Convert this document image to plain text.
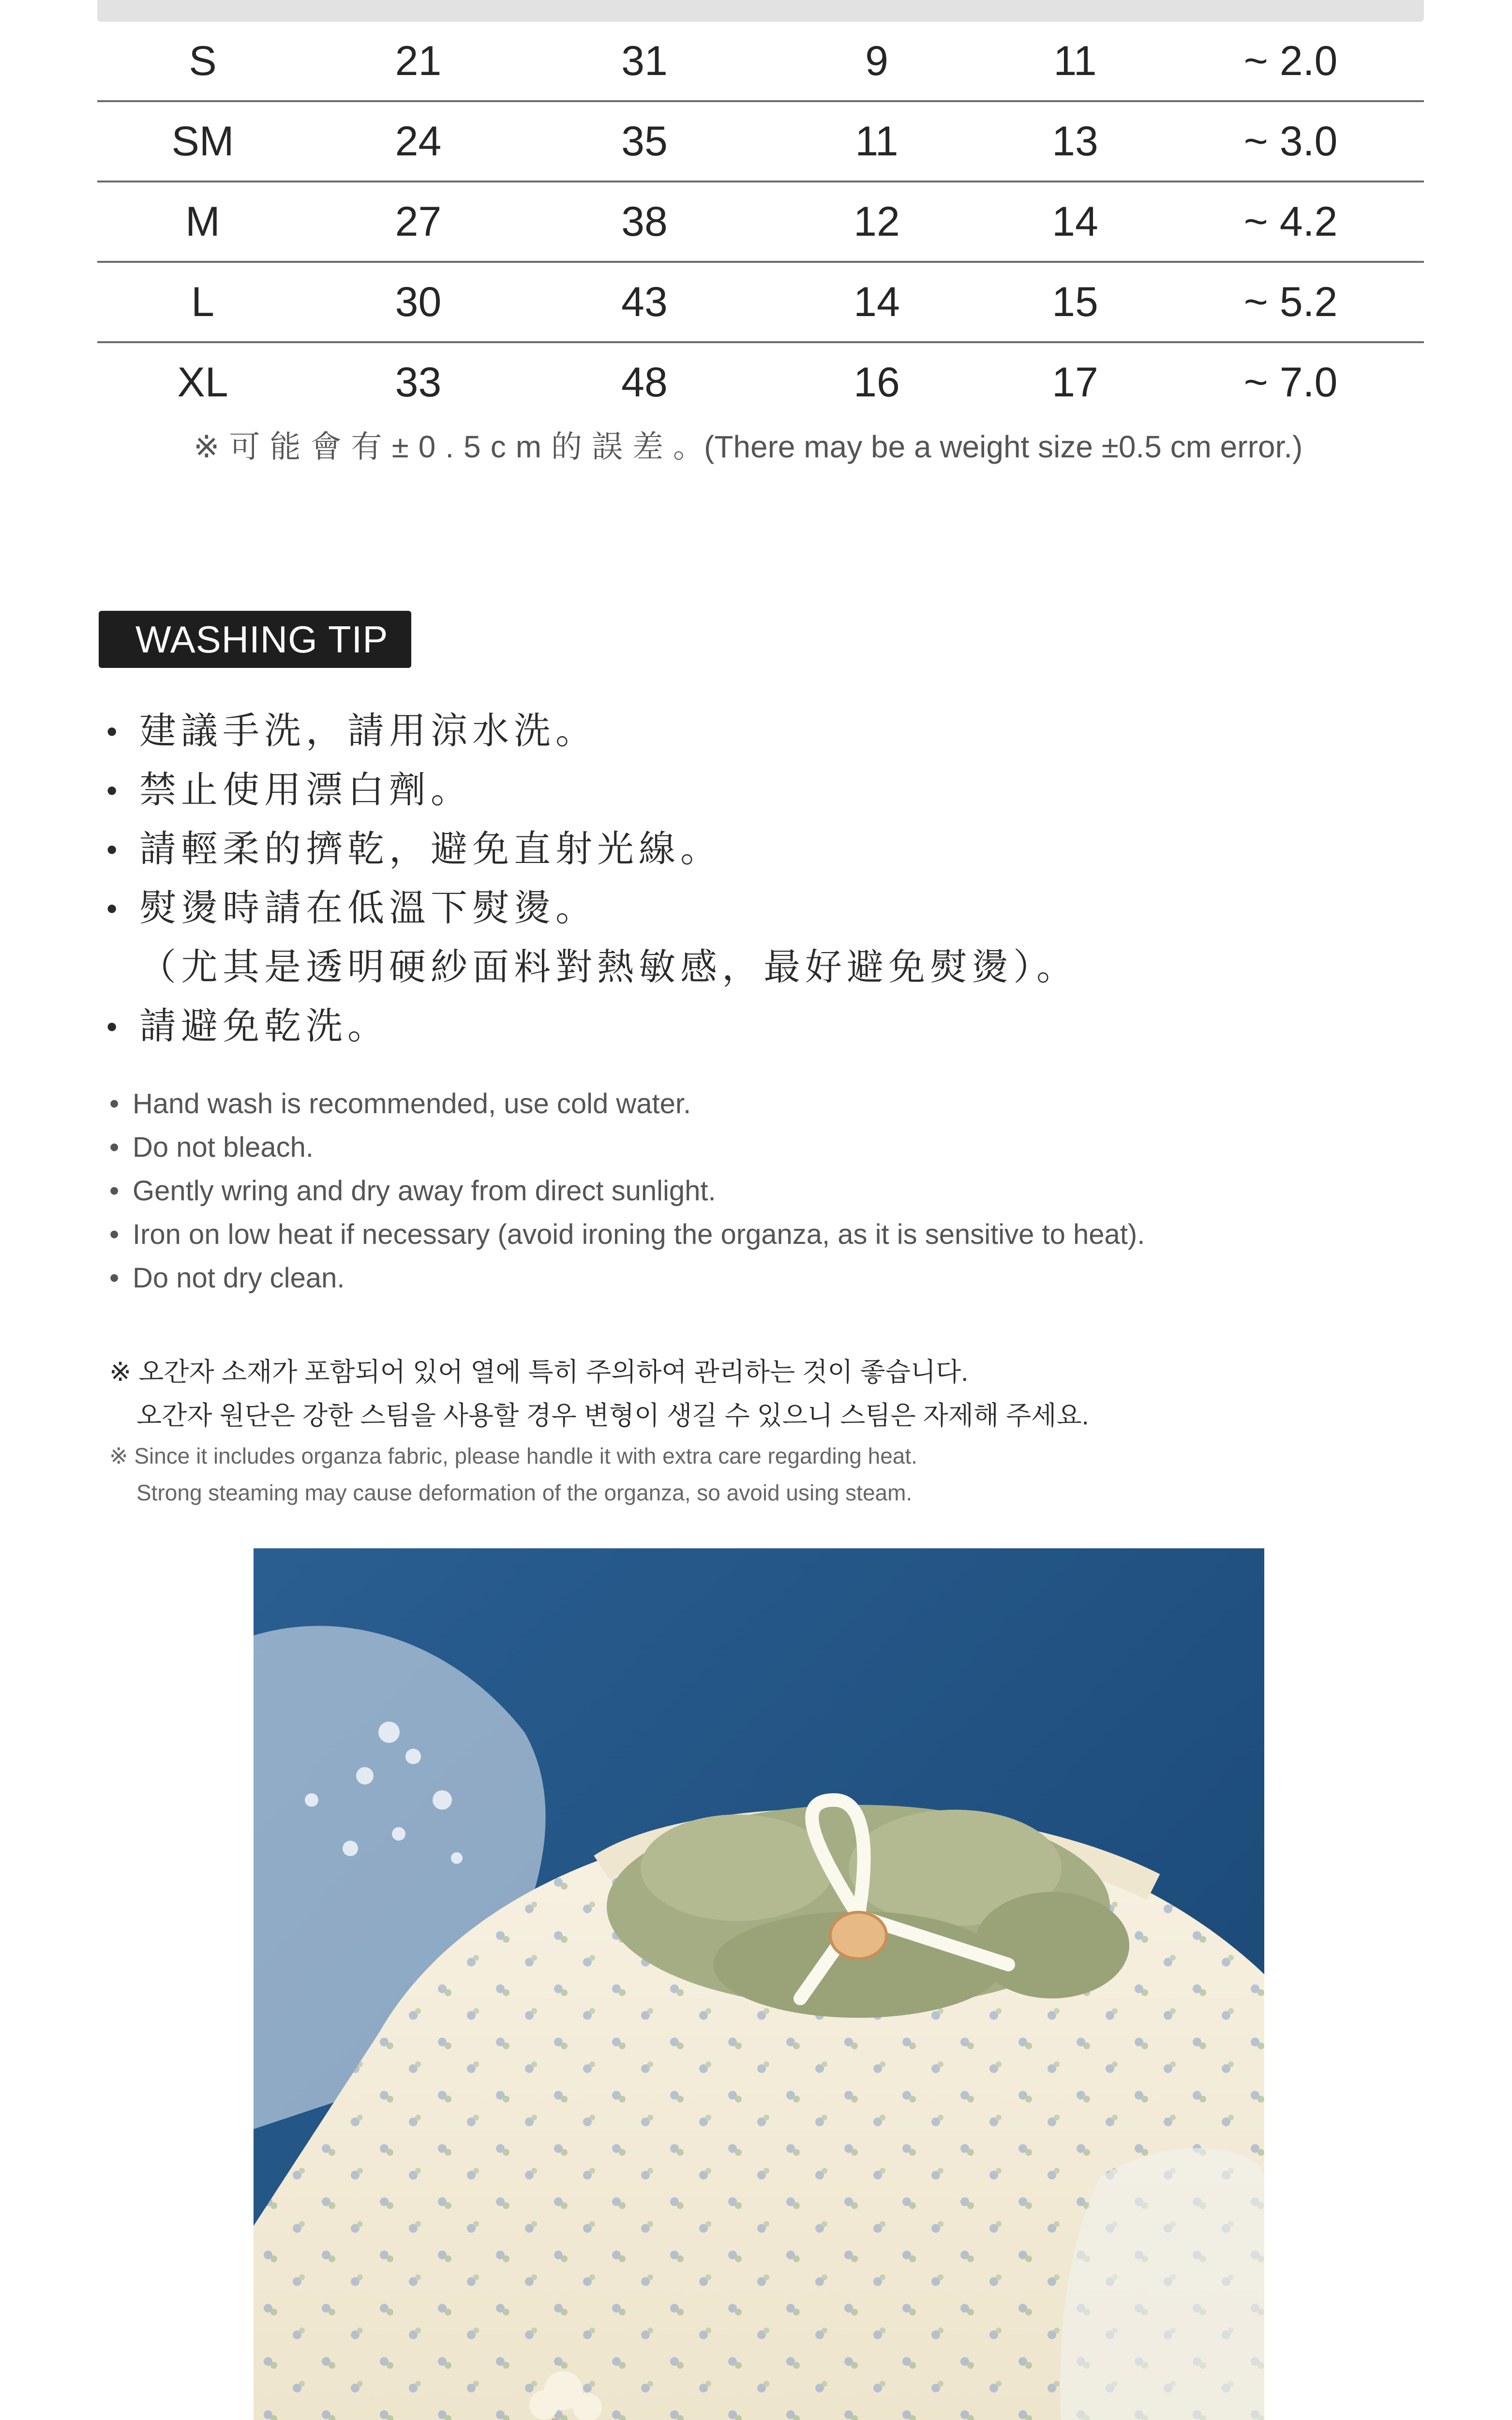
S	21	31	9	11	~ 2.0
SM	24	35	11	13	~ 3.0
M	27	38	12	14	~ 4.2
L	30	43	14	15	~ 5.2
XL	33	48	16	17	~ 7.0
※可能會有±0.5cm的誤差。(There may be a weight size ±0.5 cm error.)
WASHING TIP
• 建議手洗，請用涼水洗。
• 禁止使用漂白劑。
• 請輕柔的擠乾，避免直射光線。
• 熨燙時請在低溫下熨燙。
（尤其是透明硬紗面料對熱敏感，最好避免熨燙）。
• 請避免乾洗。
• Hand wash is recommended, use cold water.
• Do not bleach.
• Gently wring and dry away from direct sunlight.
• Iron on low heat if necessary (avoid ironing the organza, as it is sensitive to heat).
• Do not dry clean.
※ 오간자 소재가 포함되어 있어 열에 특히 주의하여 관리하는 것이 좋습니다.
오간자 원단은 강한 스팀을 사용할 경우 변형이 생길 수 있으니 스팀은 자제해 주세요.
※ Since it includes organza fabric, please handle it with extra care regarding heat.
Strong steaming may cause deformation of the organza, so avoid using steam.
